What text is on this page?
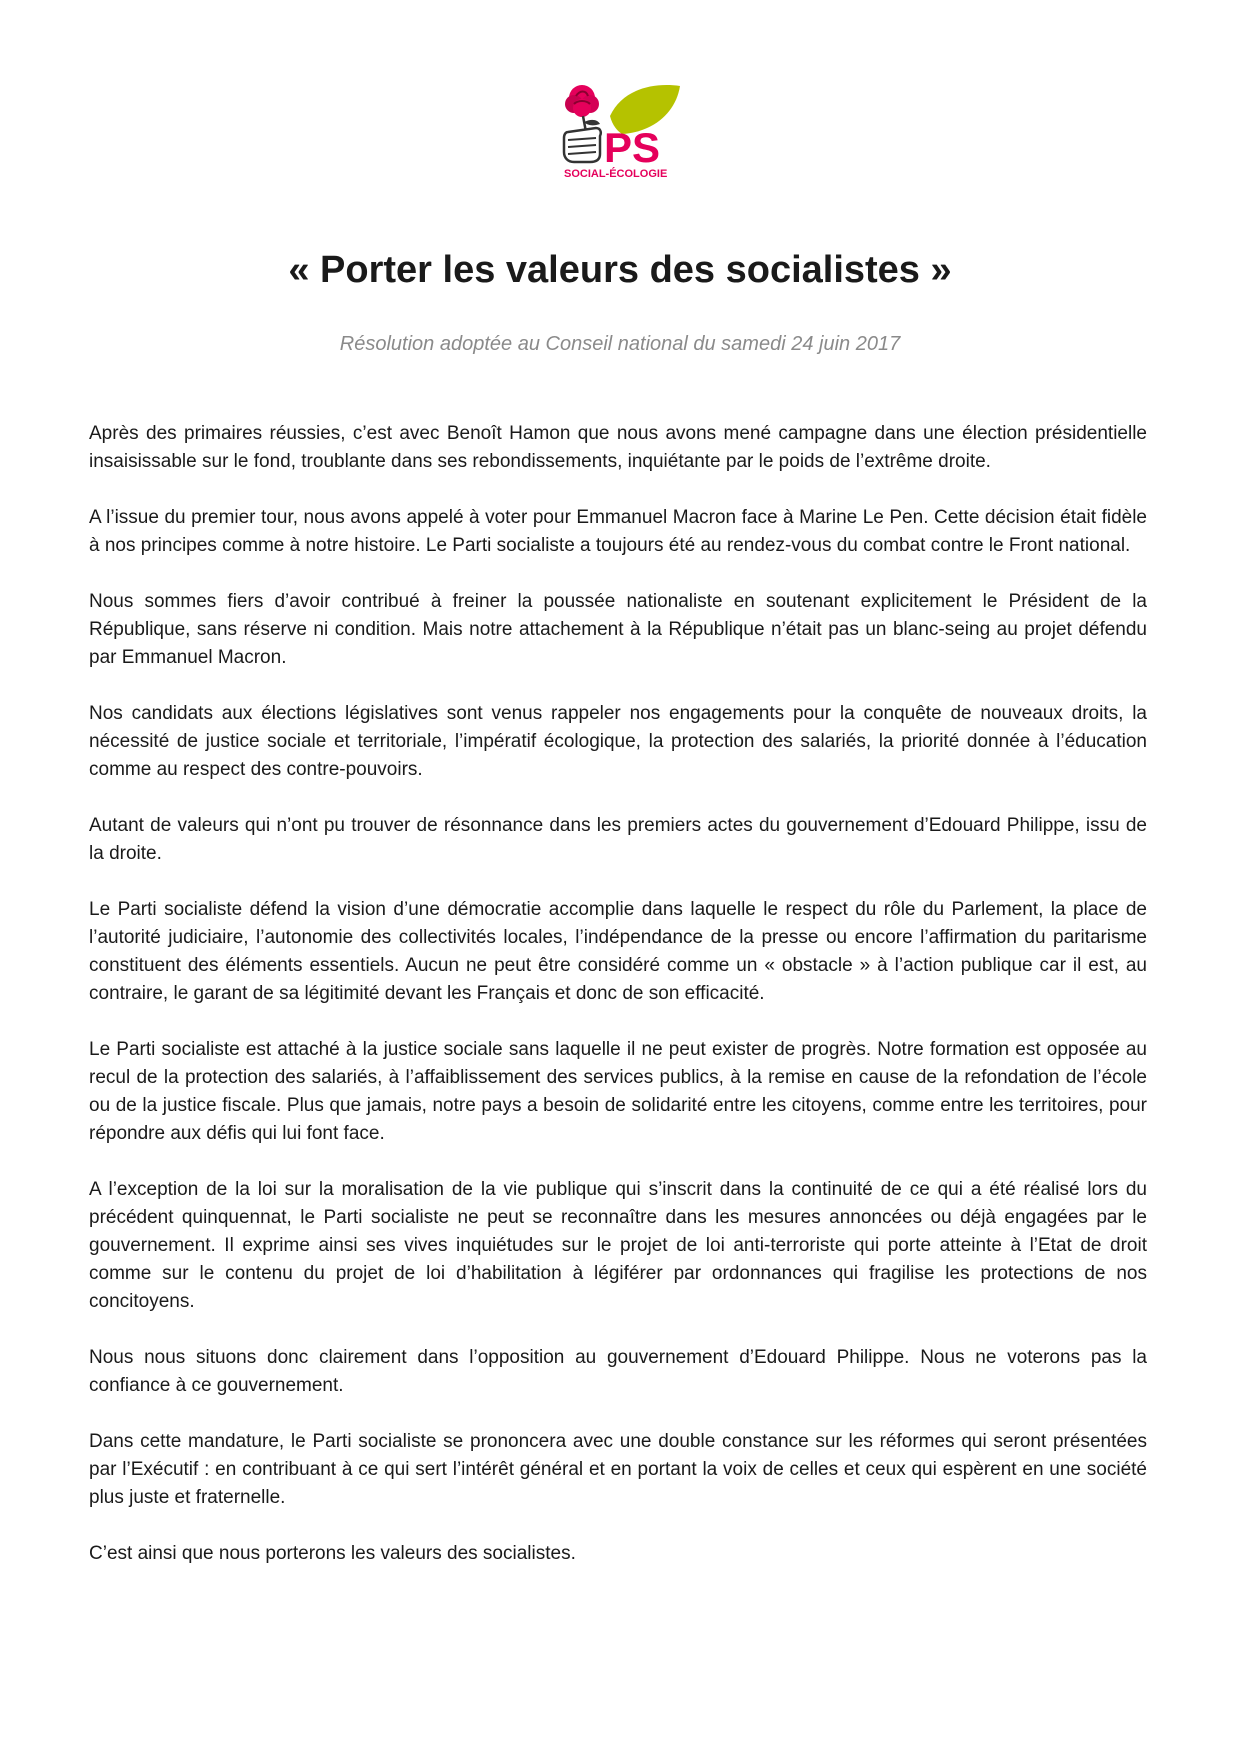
PS
SOCIAL-ÉCOLOGIE
« Porter les valeurs des socialistes »

Résolution adoptée au Conseil national du samedi 24 juin 2017

Après des primaires réussies, c’est avec Benoît Hamon que nous avons mené campagne dans une élection présidentielle insaisissable sur le fond, troublante dans ses rebondissements, inquiétante par le poids de l’extrême droite.

A l’issue du premier tour, nous avons appelé à voter pour Emmanuel Macron face à Marine Le Pen. Cette décision était fidèle à nos principes comme à notre histoire. Le Parti socialiste a toujours été au rendez-vous du combat contre le Front national.

Nous sommes fiers d’avoir contribué à freiner la poussée nationaliste en soutenant explicitement le Président de la République, sans réserve ni condition. Mais notre attachement à la République n’était pas un blanc-seing au projet défendu par Emmanuel Macron.

Nos candidats aux élections législatives sont venus rappeler nos engagements pour la conquête de nouveaux droits, la nécessité de justice sociale et territoriale, l’impératif écologique, la protection des salariés, la priorité donnée à l’éducation comme au respect des contre-pouvoirs.

Autant de valeurs qui n’ont pu trouver de résonnance dans les premiers actes du gouvernement d’Edouard Philippe, issu de la droite.

Le Parti socialiste défend la vision d’une démocratie accomplie dans laquelle le respect du rôle du Parlement, la place de l’autorité judiciaire, l’autonomie des collectivités locales, l’indépendance de la presse ou encore l’affirmation du paritarisme constituent des éléments essentiels. Aucun ne peut être considéré comme un « obstacle » à l’action publique car il est, au contraire, le garant de sa légitimité devant les Français et donc de son efficacité.

Le Parti socialiste est attaché à la justice sociale sans laquelle il ne peut exister de progrès. Notre formation est opposée au recul de la protection des salariés, à l’affaiblissement des services publics, à la remise en cause de la refondation de l’école ou de la justice fiscale. Plus que jamais, notre pays a besoin de solidarité entre les citoyens, comme entre les territoires, pour répondre aux défis qui lui font face.

A l’exception de la loi sur la moralisation de la vie publique qui s’inscrit dans la continuité de ce qui a été réalisé lors du précédent quinquennat, le Parti socialiste ne peut se reconnaître dans les mesures annoncées ou déjà engagées par le gouvernement. Il exprime ainsi ses vives inquiétudes sur le projet de loi anti-terroriste qui porte atteinte à l’Etat de droit comme sur le contenu du projet de loi d’habilitation à légiférer par ordonnances qui fragilise les protections de nos concitoyens.

Nous nous situons donc clairement dans l’opposition au gouvernement d’Edouard Philippe. Nous ne voterons pas la confiance à ce gouvernement.

Dans cette mandature, le Parti socialiste se prononcera avec une double constance sur les réformes qui seront présentées par l’Exécutif : en contribuant à ce qui sert l’intérêt général et en portant la voix de celles et ceux qui espèrent en une société plus juste et fraternelle.

C’est ainsi que nous porterons les valeurs des socialistes.
